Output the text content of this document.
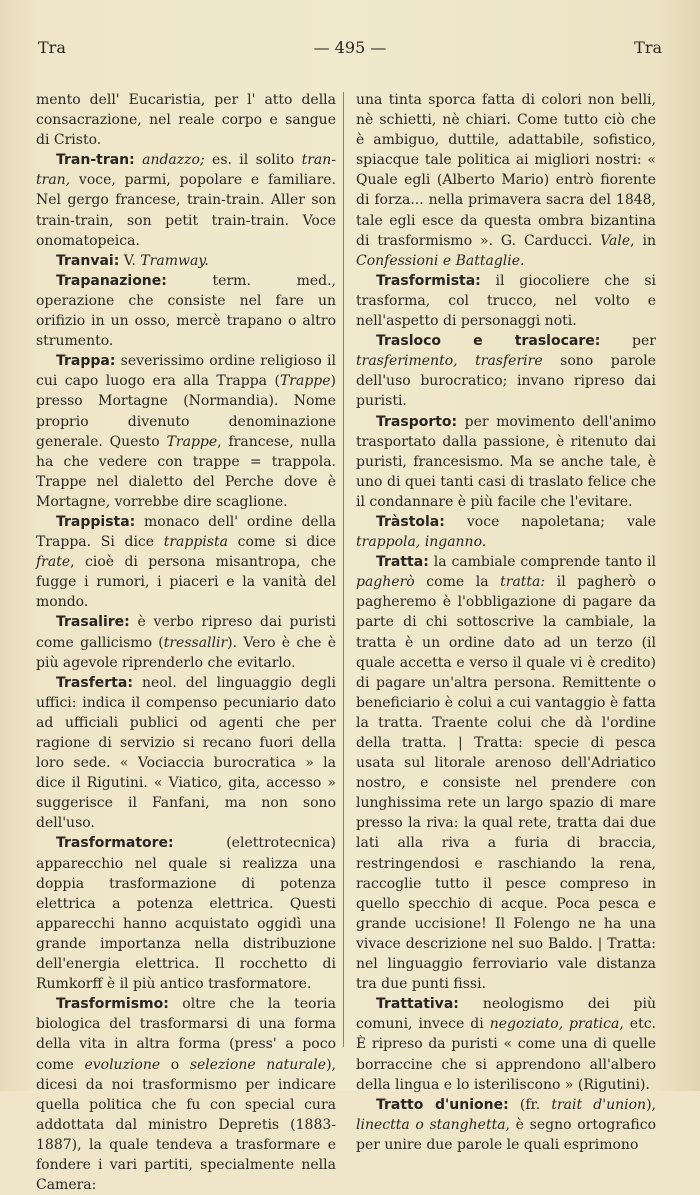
Tra	— 495 —	Tra

mento dell' Eucaristia, per l' atto della consacrazione, nel reale corpo e sangue di Cristo.

Tran-tran: andazzo; es. il solito tran-tran, voce, parmi, popolare e familiare. Nel gergo francese, train-train. Aller son train-train, son petit train-train. Voce onomatopeica.

Tranvai: V. Tramway.

Trapanazione: term. med., operazione che consiste nel fare un orifizio in un osso, mercè trapano o altro strumento.

Trappa: severissimo ordine religioso il cui capo luogo era alla Trappa (Trappe) presso Mortagne (Normandia). Nome proprio divenuto denominazione generale. Questo Trappe, francese, nulla ha che vedere con trappe = trappola. Trappe nel dialetto del Perche dove è Mortagne, vorrebbe dire scaglione.

Trappista: monaco dell' ordine della Trappa. Si dice trappista come si dice frate, cioè di persona misantropa, che fugge i rumori, i piaceri e la vanità del mondo.

Trasalire: è verbo ripreso dai puristi come gallicismo (tressallir). Vero è che è più agevole riprenderlo che evitarlo.

Trasferta: neol. del linguaggio degli uffici: indica il compenso pecuniario dato ad ufficiali publici od agenti che per ragione di servizio si recano fuori della loro sede. « Vociaccia burocratica » la dice il Rigutini. « Viatico, gita, accesso » suggerisce il Fanfani, ma non sono dell'uso.

Trasformatore: (elettrotecnica) apparecchio nel quale si realizza una doppia trasformazione di potenza elettrica a potenza elettrica. Questi apparecchi hanno acquistato oggidì una grande importanza nella distribuzione dell'energia elettrica. Il rocchetto di Rumkorff è il più antico trasformatore.

Trasformismo: oltre che la teoria biologica del trasformarsi di una forma della vita in altra forma (press' a poco come evoluzione o selezione naturale), dicesi da noi trasformismo per indicare quella politica che fu con special cura addottata dal ministro Depretis (1883-1887), la quale tendeva a trasformare e fondere i vari partiti, specialmente nella Camera:

una tinta sporca fatta di colori non belli, nè schietti, nè chiari. Come tutto ciò che è ambiguo, duttile, adattabile, sofistico, spiacque tale politica ai migliori nostri: « Quale egli (Alberto Mario) entrò fiorente di forza... nella primavera sacra del 1848, tale egli esce da questa ombra bizantina di trasformismo ». G. Carducci. Vale, in Confessioni e Battaglie.

Trasformista: il giocoliere che si trasforma, col trucco, nel volto e nell'aspetto di personaggi noti.

Trasloco e traslocare: per trasferimento, trasferire sono parole dell'uso burocratico; invano ripreso dai puristi.

Trasporto: per movimento dell'animo trasportato dalla passione, è ritenuto dai puristi, francesismo. Ma se anche tale, è uno di quei tanti casi di traslato felice che il condannare è più facile che l'evitare.

Tràstola: voce napoletana; vale trappola, inganno.

Tratta: la cambiale comprende tanto il pagherò come la tratta: il pagherò o pagheremo è l'obbligazione di pagare da parte di chi sottoscrive la cambiale, la tratta è un ordine dato ad un terzo (il quale accetta e verso il quale vi è credito) di pagare un'altra persona. Remittente o beneficiario è colui a cui vantaggio è fatta la tratta. Traente colui che dà l'ordine della tratta. | Tratta: specie di pesca usata sul litorale arenoso dell'Adriatico nostro, e consiste nel prendere con lunghissima rete un largo spazio di mare presso la riva: la qual rete, tratta dai due lati alla riva a furia di braccia, restringendosi e raschiando la rena, raccoglie tutto il pesce compreso in quello specchio di acque. Poca pesca e grande uccisione! Il Folengo ne ha una vivace descrizione nel suo Baldo. | Tratta: nel linguaggio ferroviario vale distanza tra due punti fissi.

Trattativa: neologismo dei più comuni, invece di negoziato, pratica, etc. È ripreso da puristi « come una di quelle borraccine che si apprendono all'albero della lingua e lo isteriliscono » (Rigutini).

Tratto d'unione: (fr. trait d'union), linectta o stanghetta, è segno ortografico per unire due parole le quali esprimono
